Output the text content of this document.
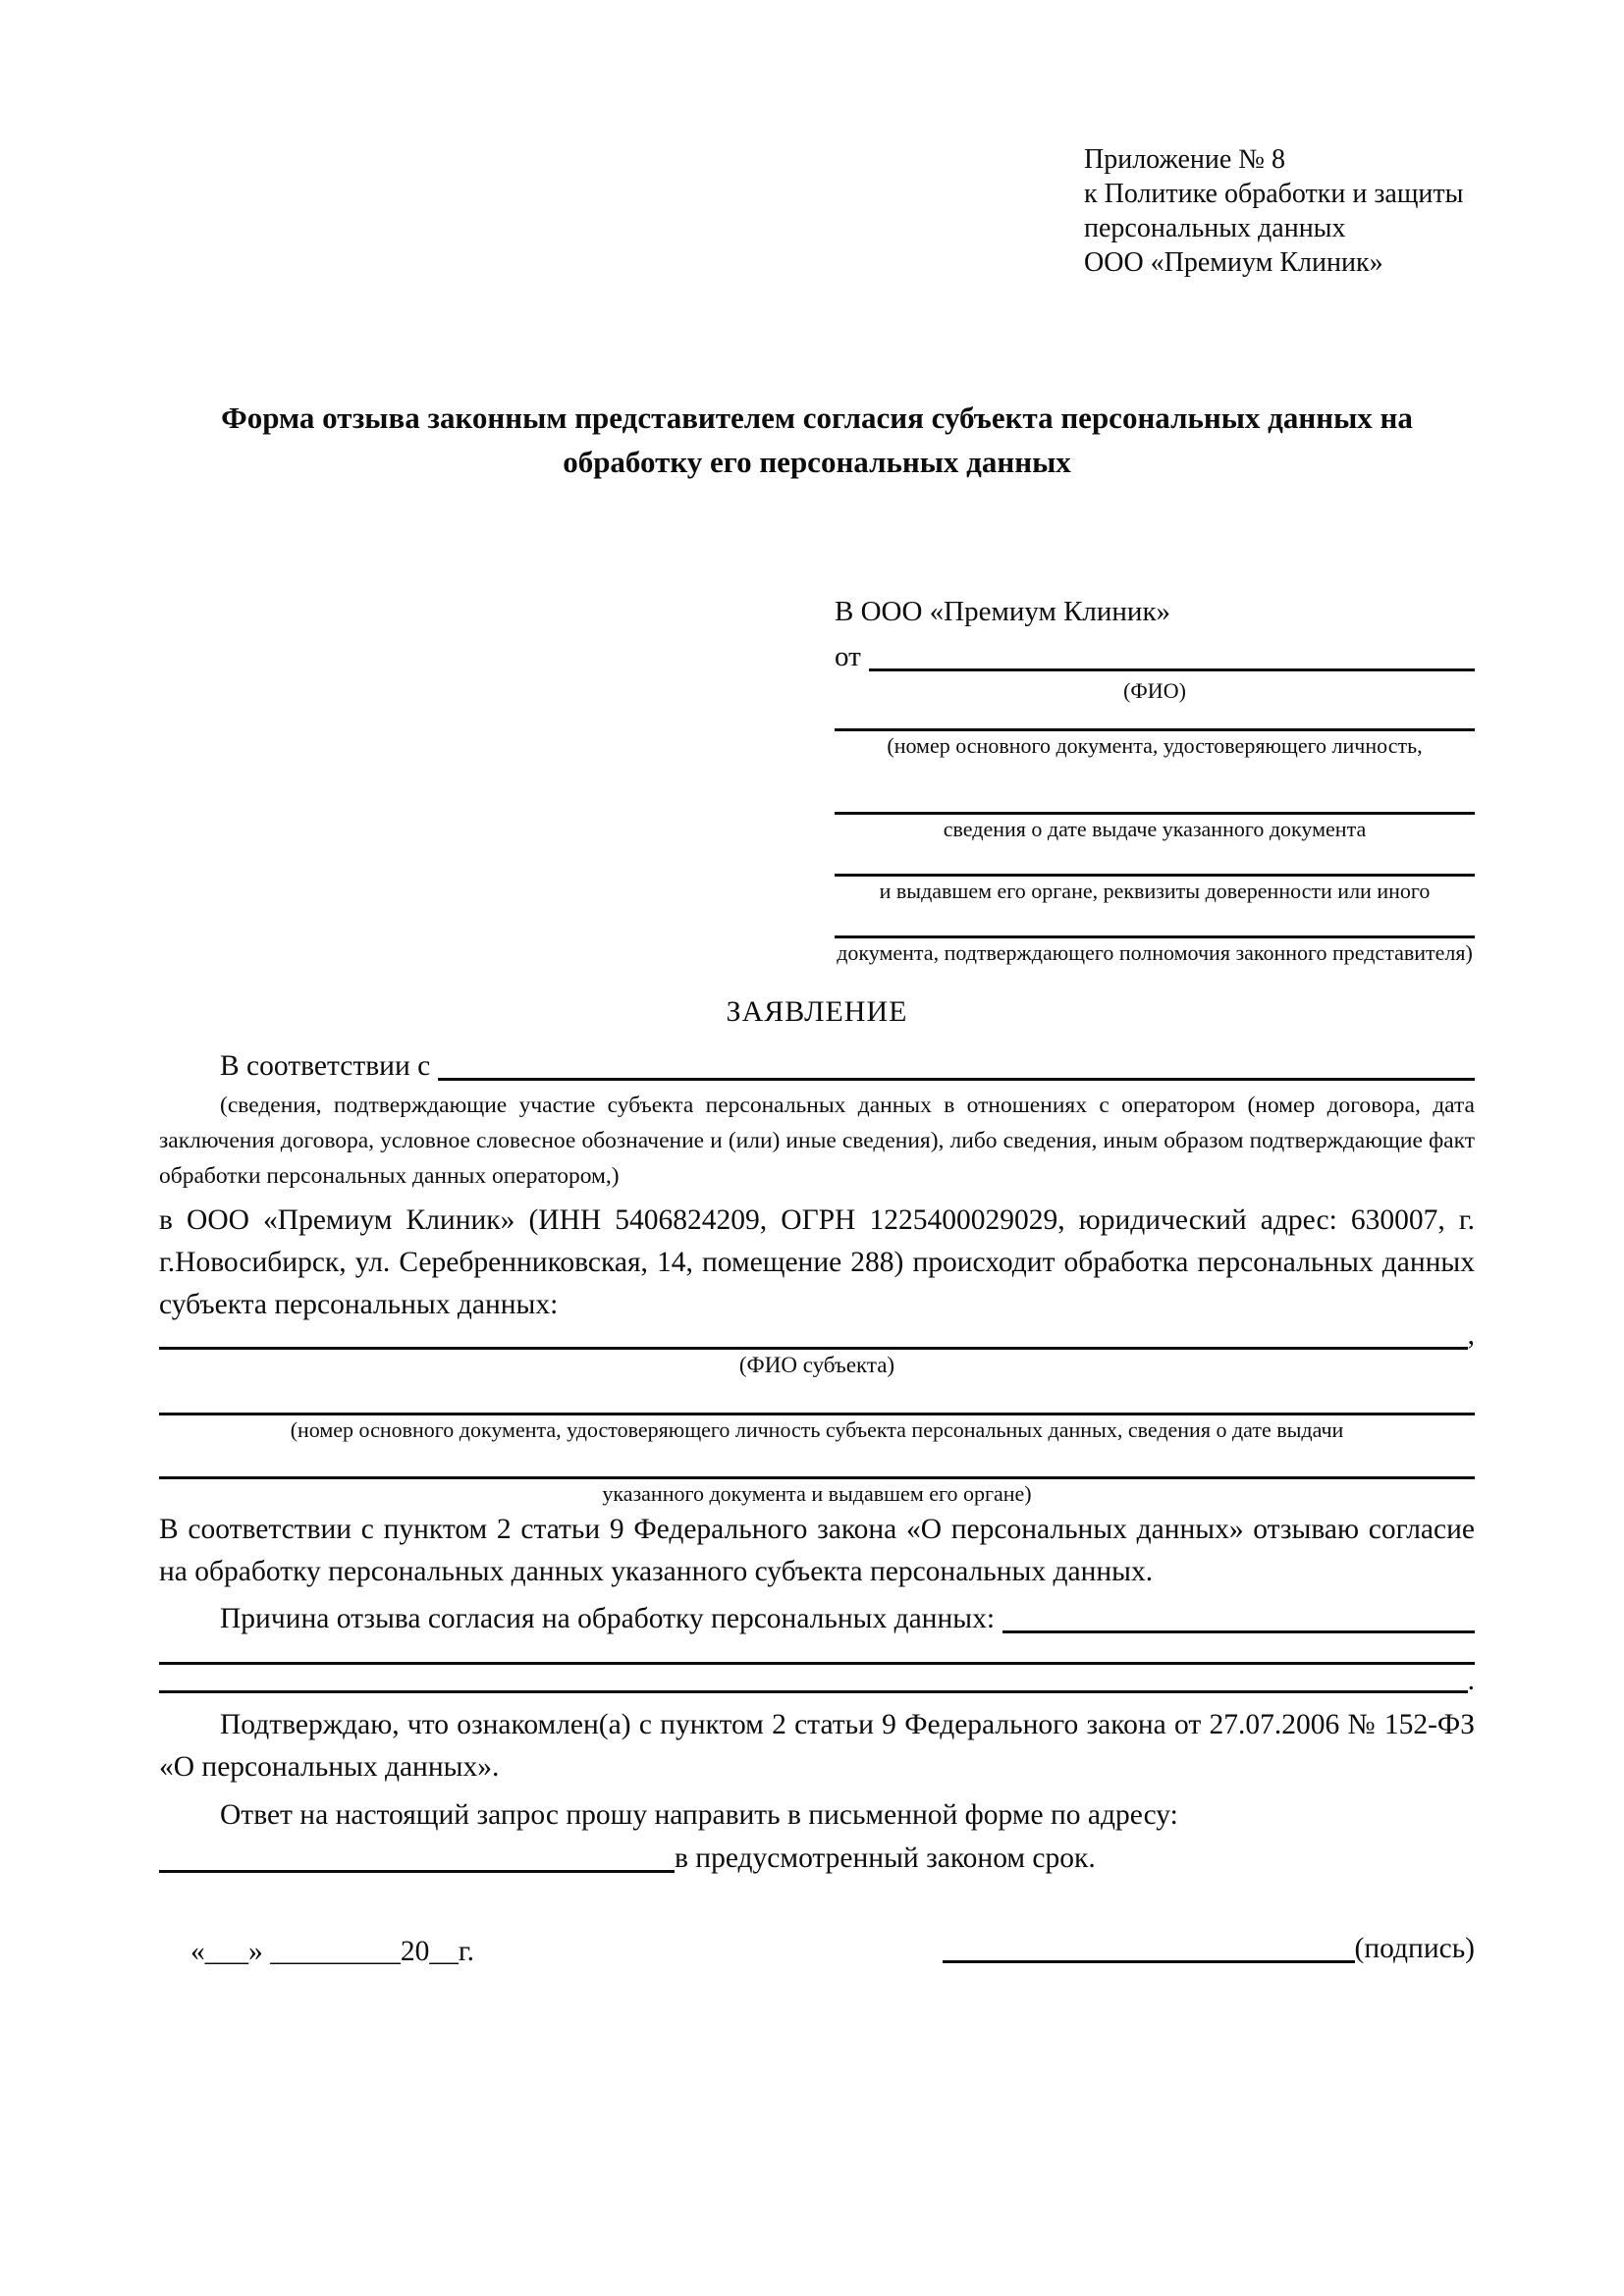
Приложение № 8
к Политике обработки и защиты
персональных данных
ООО «Премиум Клиник»
Форма отзыва законным представителем согласия субъекта персональных данных на обработку его персональных данных
В ООО «Премиум Клиник»
от
(ФИО)
(номер основного документа, удостоверяющего личность,
сведения о дате выдаче указанного документа
и выдавшем его органе, реквизиты доверенности или иного
документа, подтверждающего полномочия законного представителя)
ЗАЯВЛЕНИЕ
В соответствии с
(сведения, подтверждающие участие субъекта персональных данных в отношениях с оператором (номер договора, дата заключения договора, условное словесное обозначение и (или) иные сведения), либо сведения, иным образом подтверждающие факт обработки персональных данных оператором,)
в ООО «Премиум Клиник» (ИНН 5406824209, ОГРН 1225400029029, юридический адрес: 630007, г. г.Новосибирск, ул. Серебренниковская, 14, помещение 288) происходит обработка персональных данных субъекта персональных данных:
,
(ФИО субъекта)
(номер основного документа, удостоверяющего личность субъекта персональных данных, сведения о дате выдачи
указанного документа и выдавшем его органе)
В соответствии с пунктом 2 статьи 9 Федерального закона «О персональных данных» отзываю согласие на обработку персональных данных указанного субъекта персональных данных.
Причина отзыва согласия на обработку персональных данных:
.
Подтверждаю, что ознакомлен(а) с пунктом 2 статьи 9 Федерального закона от 27.07.2006 № 152-ФЗ «О персональных данных».
Ответ на настоящий запрос прошу направить в письменной форме по адресу:
в предусмотренный законом срок.
«___» _________20__г.	(подпись)
